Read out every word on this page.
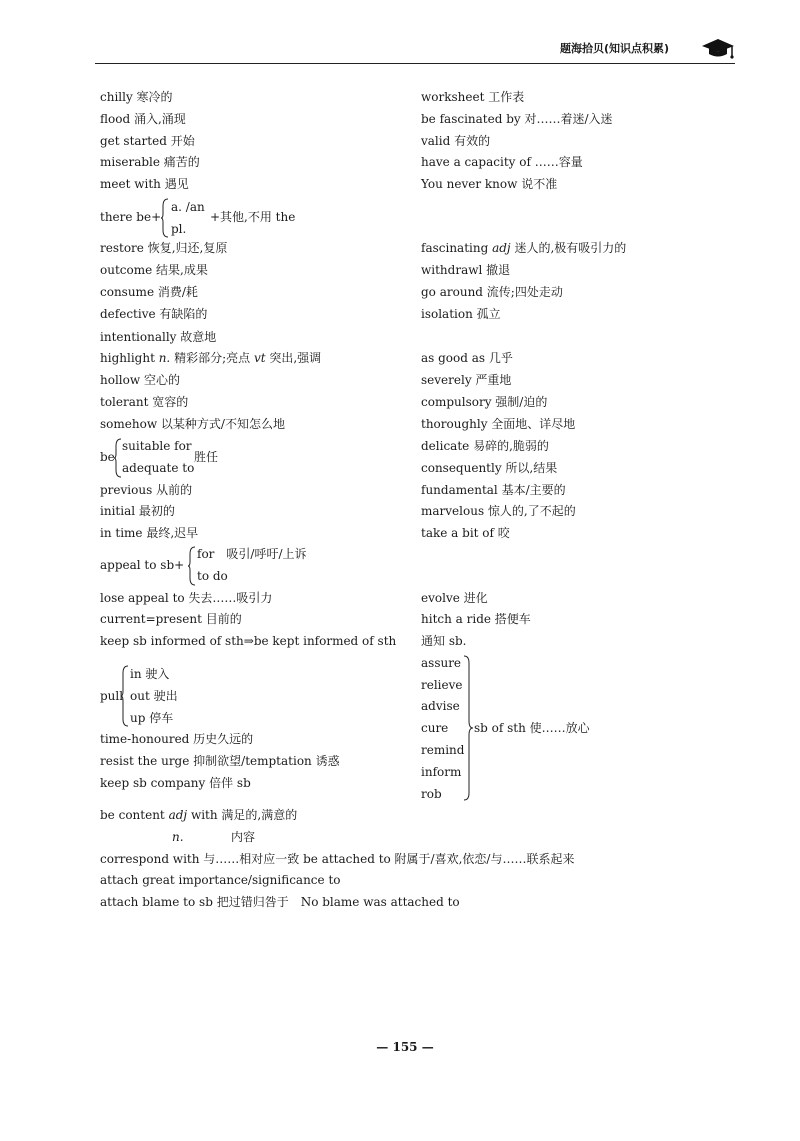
题海拾贝(知识点积累)
chilly 寒冷的
flood 涌入,涌现
get started 开始
miserable 痛苦的
meet with 遇见
there be+
a. /an
pl.
+其他,不用 the
restore 恢复,归还,复原
outcome 结果,成果
consume 消费/耗
defective 有缺陷的
intentionally 故意地
highlight n. 精彩部分;亮点 vt 突出,强调
hollow 空心的
tolerant 宽容的
somehow 以某种方式/不知怎么地
be
suitable for
adequate to
胜任
previous 从前的
initial 最初的
in time 最终,迟早
appeal to sb+
for　吸引/呼吁/上诉
to do
lose appeal to 失去……吸引力
current=present 目前的
keep sb informed of sth⇒be kept informed of sth
pull
in 驶入
out 驶出
up 停车
time-honoured 历史久远的
resist the urge 抑制欲望/temptation 诱惑
keep sb company 倍伴 sb
be content adj with 满足的,满意的
n.	内容
correspond with 与……相对应一致 be attached to 附属于/喜欢,依恋/与……联系起来
attach great importance/significance to
attach blame to sb 把过错归咎于　No blame was attached to
worksheet 工作表
be fascinated by 对……着迷/入迷
valid 有效的
have a capacity of ……容量
You never know 说不准
fascinating adj 迷人的,极有吸引力的
withdrawl 撤退
go around 流传;四处走动
isolation 孤立
as good as 几乎
severely 严重地
compulsory 强制/迫的
thoroughly 全面地、详尽地
delicate 易碎的,脆弱的
consequently 所以,结果
fundamental 基本/主要的
marvelous 惊人的,了不起的
take a bit of 咬
evolve 进化
hitch a ride 搭便车
通知 sb.
assure
relieve
advise
cure
remind
inform
rob
sb of sth 使……放心
— 155 —
